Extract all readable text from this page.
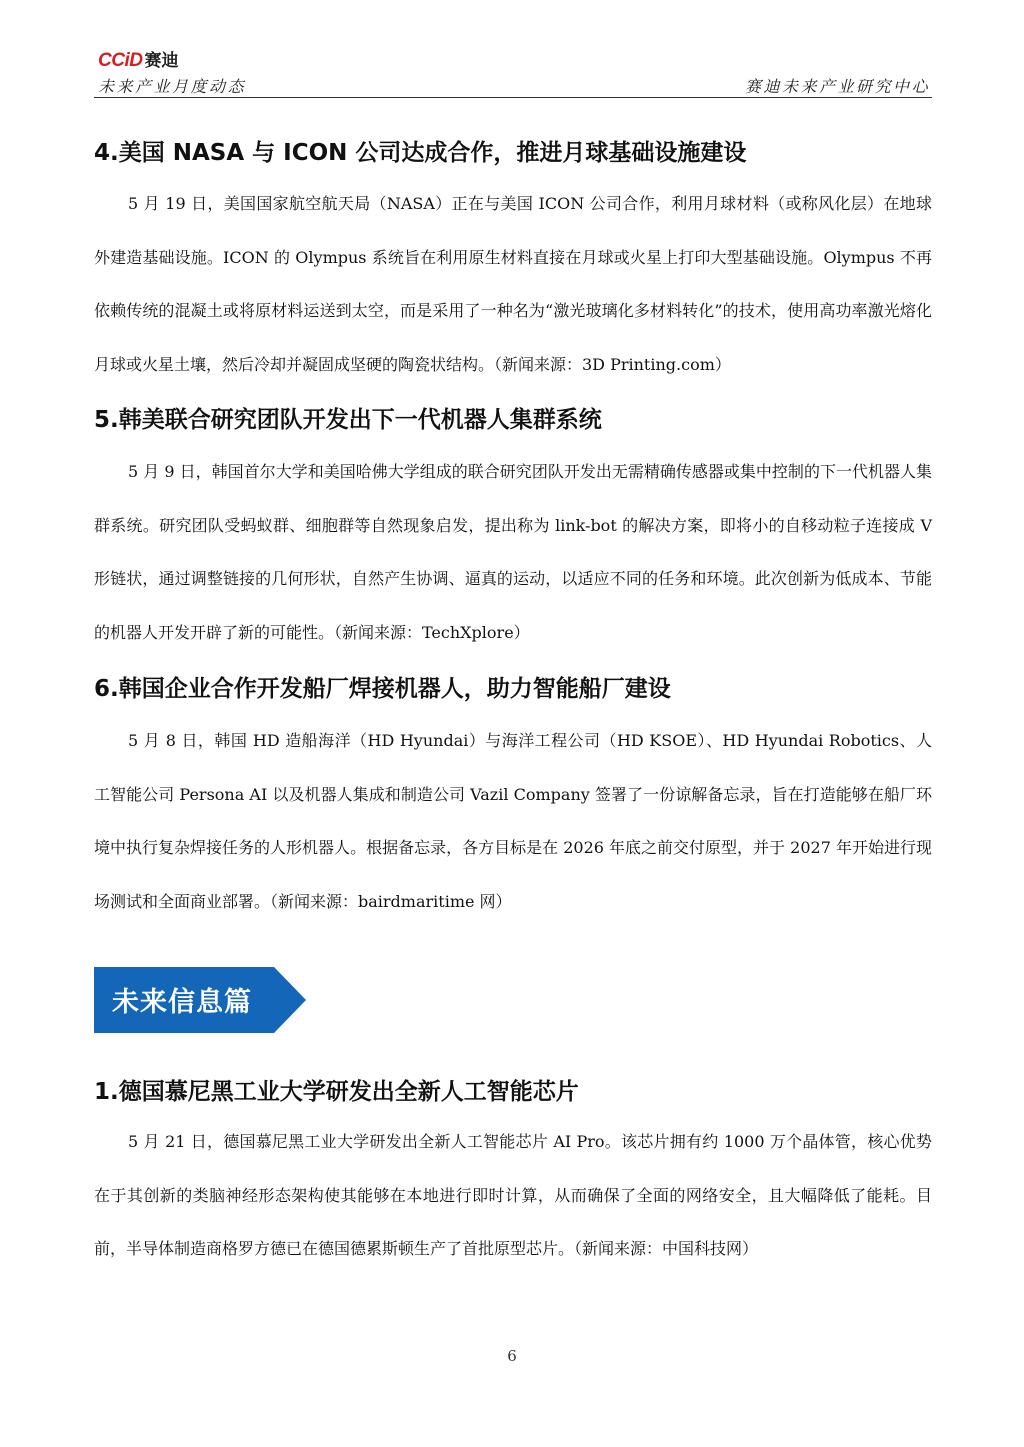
CCiD 赛迪
未来产业月度动态	赛迪未来产业研究中心
4.美国 NASA 与 ICON 公司达成合作，推进月球基础设施建设

5 月 19 日，美国国家航空航天局（NASA）正在与美国 ICON 公司合作，利用月球材料（或称风化层）在地球外建造基础设施。ICON 的 Olympus 系统旨在利用原生材料直接在月球或火星上打印大型基础设施。Olympus 不再依赖传统的混凝土或将原材料运送到太空，而是采用了一种名为“激光玻璃化多材料转化”的技术，使用高功率激光熔化月球或火星土壤，然后冷却并凝固成坚硬的陶瓷状结构。（新闻来源：3D Printing.com）

5.韩美联合研究团队开发出下一代机器人集群系统

5 月 9 日，韩国首尔大学和美国哈佛大学组成的联合研究团队开发出无需精确传感器或集中控制的下一代机器人集群系统。研究团队受蚂蚁群、细胞群等自然现象启发，提出称为 link-bot 的解决方案，即将小的自移动粒子连接成 V 形链状，通过调整链接的几何形状，自然产生协调、逼真的运动，以适应不同的任务和环境。此次创新为低成本、节能的机器人开发开辟了新的可能性。（新闻来源：TechXplore）

6.韩国企业合作开发船厂焊接机器人，助力智能船厂建设

5 月 8 日，韩国 HD 造船海洋（HD Hyundai）与海洋工程公司（HD KSOE）、HD Hyundai Robotics、人工智能公司 Persona AI 以及机器人集成和制造公司 Vazil Company 签署了一份谅解备忘录，旨在打造能够在船厂环境中执行复杂焊接任务的人形机器人。根据备忘录，各方目标是在 2026 年底之前交付原型，并于 2027 年开始进行现场测试和全面商业部署。（新闻来源：bairdmaritime 网）

未来信息篇
1.德国慕尼黑工业大学研发出全新人工智能芯片

5 月 21 日，德国慕尼黑工业大学研发出全新人工智能芯片 AI Pro。该芯片拥有约 1000 万个晶体管，核心优势在于其创新的类脑神经形态架构使其能够在本地进行即时计算，从而确保了全面的网络安全，且大幅降低了能耗。目前，半导体制造商格罗方德已在德国德累斯顿生产了首批原型芯片。（新闻来源：中国科技网）

6
